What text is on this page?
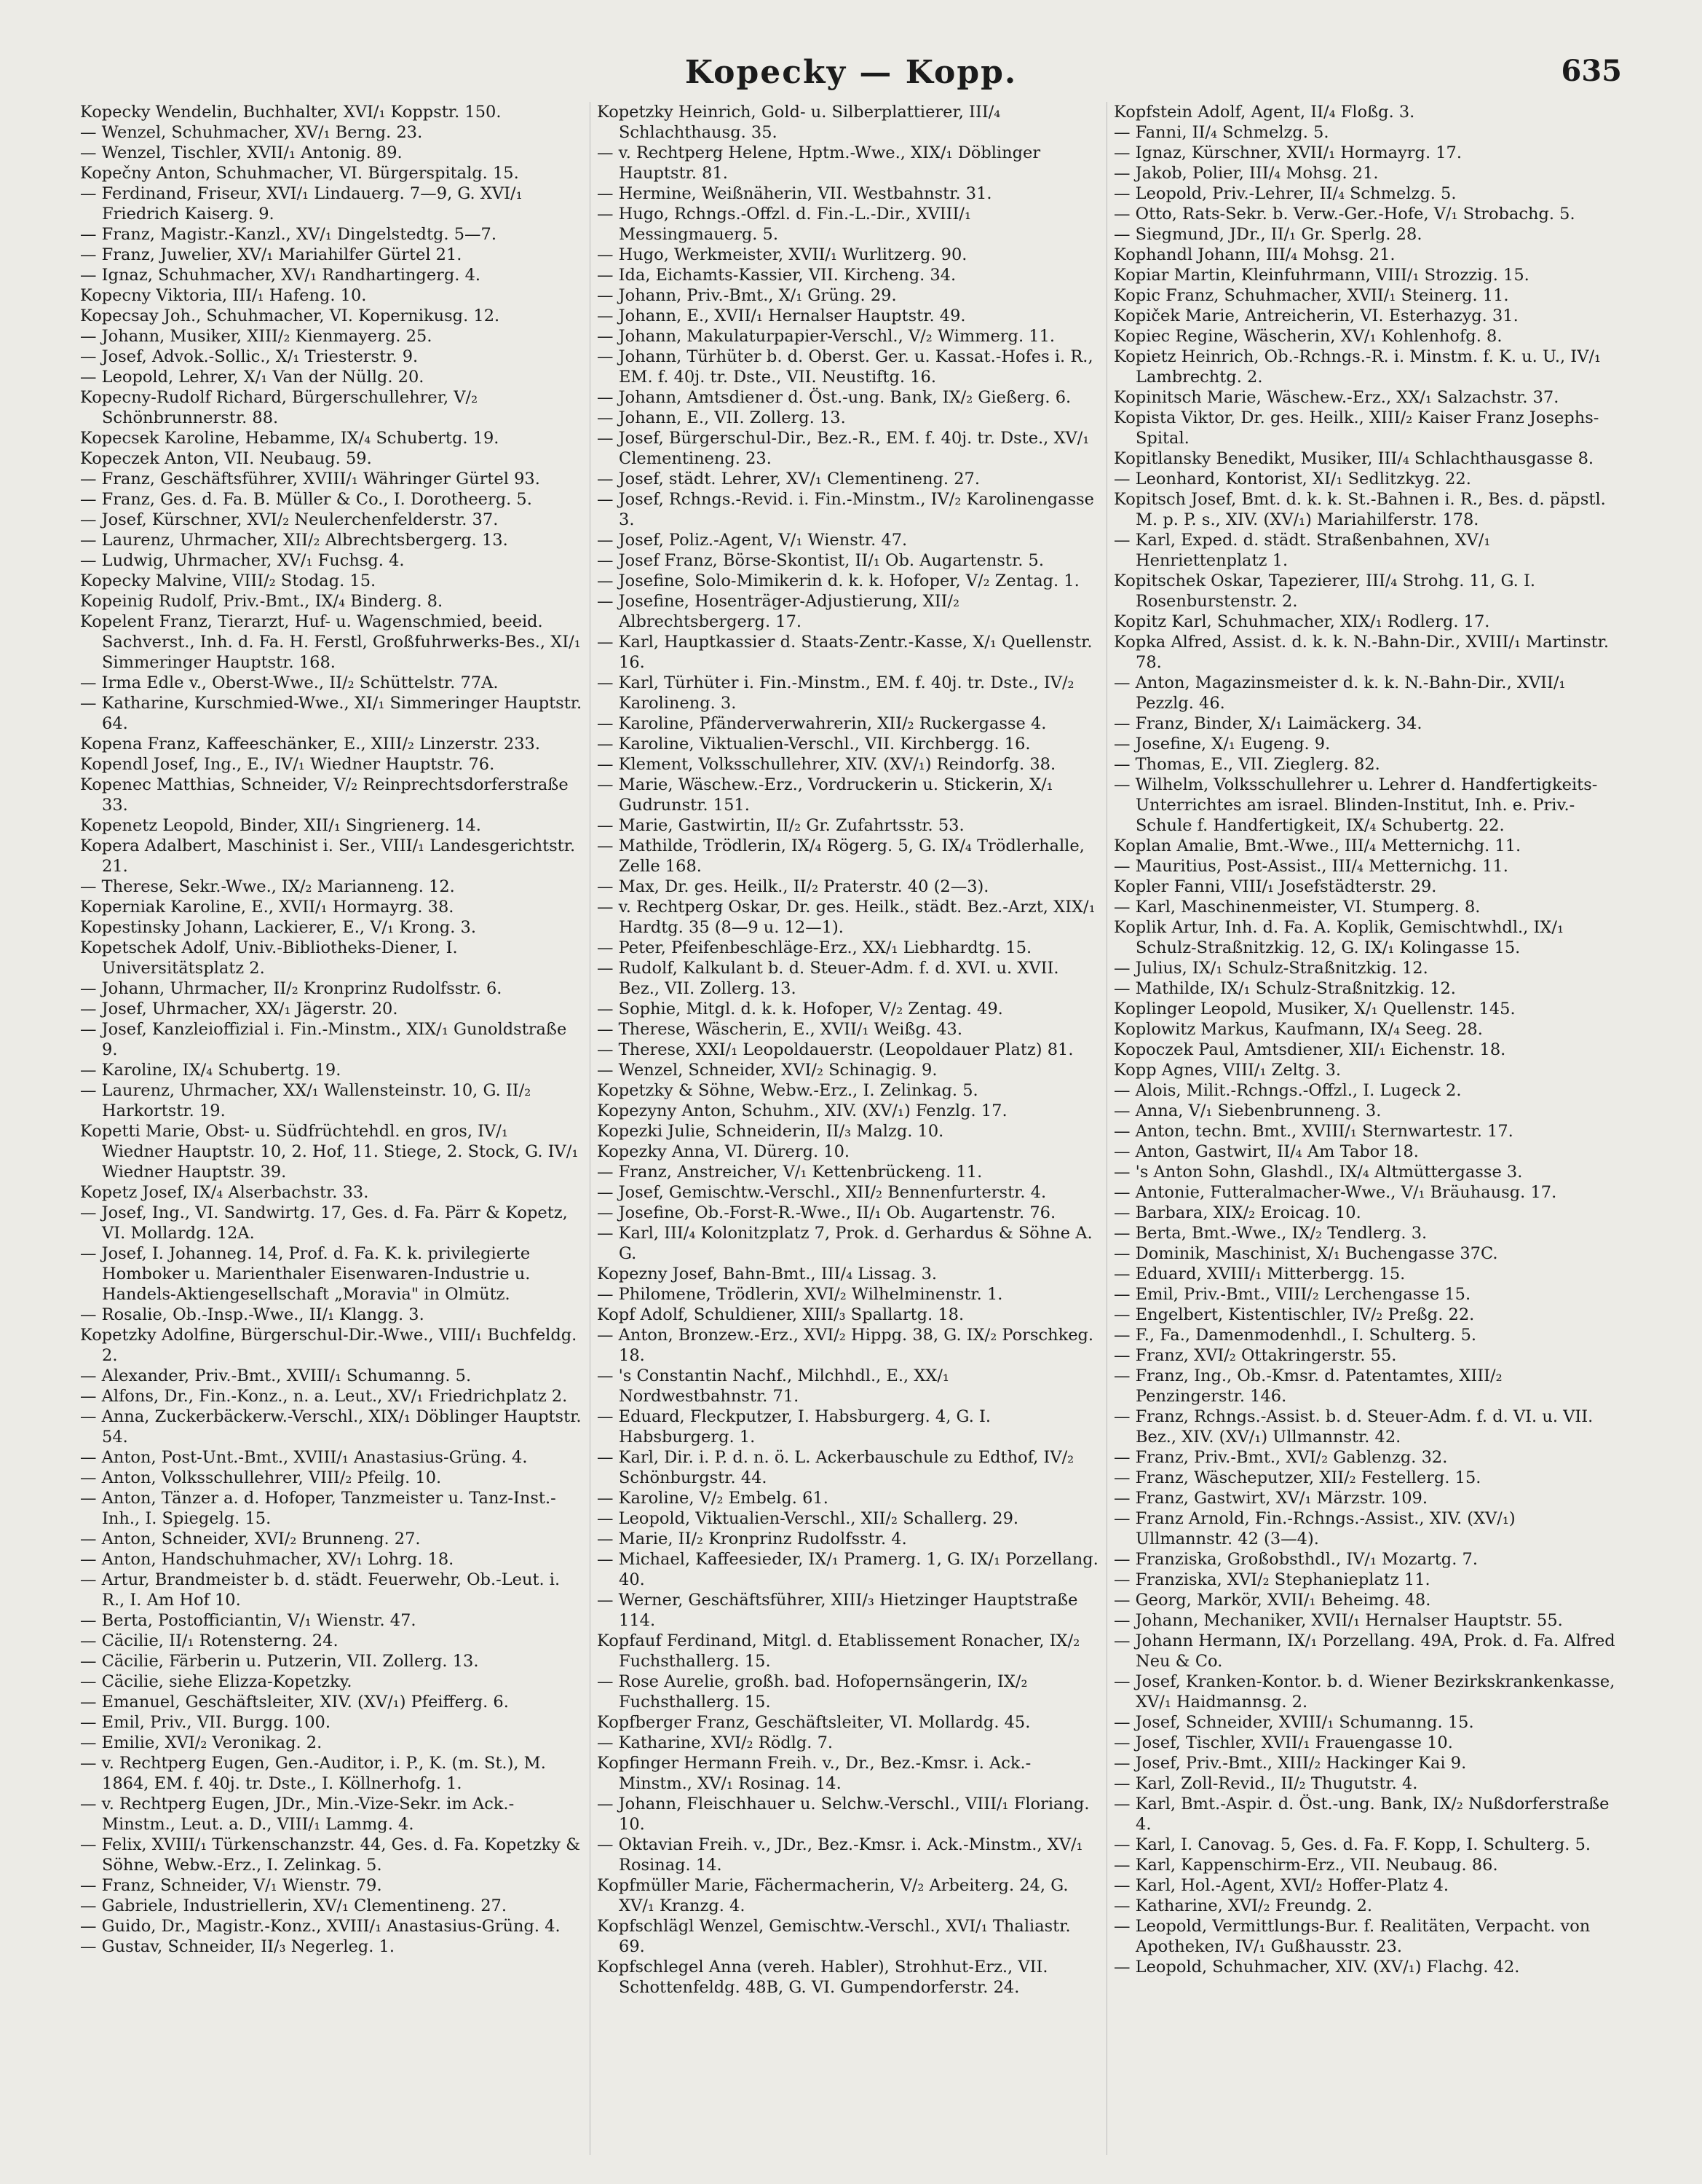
Kopecky — Kopp.	635

Kopecky Wendelin, Buchhalter, XVI/₁ Koppstr. 150.

— Wenzel, Schuhmacher, XV/₁ Berng. 23.

— Wenzel, Tischler, XVII/₁ Antonig. 89.

Kopečny Anton, Schuhmacher, VI. Bürgerspitalg. 15.

— Ferdinand, Friseur, XVI/₁ Lindauerg. 7—9, G. XVI/₁ Friedrich Kaiserg. 9.

— Franz, Magistr.-Kanzl., XV/₁ Dingelstedtg. 5—7.

— Franz, Juwelier, XV/₁ Mariahilfer Gürtel 21.

— Ignaz, Schuhmacher, XV/₁ Randhartingerg. 4.

Kopecny Viktoria, III/₁ Hafeng. 10.

Kopecsay Joh., Schuhmacher, VI. Kopernikusg. 12.

— Johann, Musiker, XIII/₂ Kienmayerg. 25.

— Josef, Advok.-Sollic., X/₁ Triesterstr. 9.

— Leopold, Lehrer, X/₁ Van der Nüllg. 20.

Kopecny-Rudolf Richard, Bürgerschullehrer, V/₂ Schönbrunnerstr. 88.

Kopecsek Karoline, Hebamme, IX/₄ Schubertg. 19.

Kopeczek Anton, VII. Neubaug. 59.

— Franz, Geschäftsführer, XVIII/₁ Währinger Gürtel 93.

— Franz, Ges. d. Fa. B. Müller & Co., I. Dorotheerg. 5.

— Josef, Kürschner, XVI/₂ Neulerchenfelderstr. 37.

— Laurenz, Uhrmacher, XII/₂ Albrechtsbergerg. 13.

— Ludwig, Uhrmacher, XV/₁ Fuchsg. 4.

Kopecky Malvine, VIII/₂ Stodag. 15.

Kopeinig Rudolf, Priv.-Bmt., IX/₄ Binderg. 8.

Kopelent Franz, Tierarzt, Huf- u. Wagenschmied, beeid. Sachverst., Inh. d. Fa. H. Ferstl, Großfuhrwerks-Bes., XI/₁ Simmeringer Hauptstr. 168.

— Irma Edle v., Oberst-Wwe., II/₂ Schüttelstr. 77A.

— Katharine, Kurschmied-Wwe., XI/₁ Simmeringer Hauptstr. 64.

Kopena Franz, Kaffeeschänker, E., XIII/₂ Linzerstr. 233.

Kopendl Josef, Ing., E., IV/₁ Wiedner Hauptstr. 76.

Kopenec Matthias, Schneider, V/₂ Reinprechtsdorferstraße 33.

Kopenetz Leopold, Binder, XII/₁ Singrienerg. 14.

Kopera Adalbert, Maschinist i. Ser., VIII/₁ Landesgerichtstr. 21.

— Therese, Sekr.-Wwe., IX/₂ Marianneng. 12.

Koperniak Karoline, E., XVII/₁ Hormayrg. 38.

Kopestinsky Johann, Lackierer, E., V/₁ Krong. 3.

Kopetschek Adolf, Univ.-Bibliotheks-Diener, I. Universitätsplatz 2.

— Johann, Uhrmacher, II/₂ Kronprinz Rudolfsstr. 6.

— Josef, Uhrmacher, XX/₁ Jägerstr. 20.

— Josef, Kanzleioffizial i. Fin.-Minstm., XIX/₁ Gunoldstraße 9.

— Karoline, IX/₄ Schubertg. 19.

— Laurenz, Uhrmacher, XX/₁ Wallensteinstr. 10, G. II/₂ Harkortstr. 19.

Kopetti Marie, Obst- u. Südfrüchtehdl. en gros, IV/₁ Wiedner Hauptstr. 10, 2. Hof, 11. Stiege, 2. Stock, G. IV/₁ Wiedner Hauptstr. 39.

Kopetz Josef, IX/₄ Alserbachstr. 33.

— Josef, Ing., VI. Sandwirtg. 17, Ges. d. Fa. Pärr & Kopetz, VI. Mollardg. 12A.

— Josef, I. Johanneg. 14, Prof. d. Fa. K. k. privilegierte Homboker u. Marienthaler Eisenwaren-Industrie u. Handels-Aktiengesellschaft „Moravia" in Olmütz.

— Rosalie, Ob.-Insp.-Wwe., II/₁ Klangg. 3.

Kopetzky Adolfine, Bürgerschul-Dir.-Wwe., VIII/₁ Buchfeldg. 2.

— Alexander, Priv.-Bmt., XVIII/₁ Schumanng. 5.

— Alfons, Dr., Fin.-Konz., n. a. Leut., XV/₁ Friedrichplatz 2.

— Anna, Zuckerbäckerw.-Verschl., XIX/₁ Döblinger Hauptstr. 54.

— Anton, Post-Unt.-Bmt., XVIII/₁ Anastasius-Grüng. 4.

— Anton, Volksschullehrer, VIII/₂ Pfeilg. 10.

— Anton, Tänzer a. d. Hofoper, Tanzmeister u. Tanz-Inst.-Inh., I. Spiegelg. 15.

— Anton, Schneider, XVI/₂ Brunneng. 27.

— Anton, Handschuhmacher, XV/₁ Lohrg. 18.

— Artur, Brandmeister b. d. städt. Feuerwehr, Ob.-Leut. i. R., I. Am Hof 10.

— Berta, Postofficiantin, V/₁ Wienstr. 47.

— Cäcilie, II/₁ Rotensterng. 24.

— Cäcilie, Färberin u. Putzerin, VII. Zollerg. 13.

— Cäcilie, siehe Elizza-Kopetzky.

— Emanuel, Geschäftsleiter, XIV. (XV/₁) Pfeifferg. 6.

— Emil, Priv., VII. Burgg. 100.

— Emilie, XVI/₂ Veronikag. 2.

— v. Rechtperg Eugen, Gen.-Auditor, i. P., K. (m. St.), M. 1864, EM. f. 40j. tr. Dste., I. Köllnerhofg. 1.

— v. Rechtperg Eugen, JDr., Min.-Vize-Sekr. im Ack.-Minstm., Leut. a. D., VIII/₁ Lammg. 4.

— Felix, XVIII/₁ Türkenschanzstr. 44, Ges. d. Fa. Kopetzky & Söhne, Webw.-Erz., I. Zelinkag. 5.

— Franz, Schneider, V/₁ Wienstr. 79.

— Gabriele, Industriellerin, XV/₁ Clementineng. 27.

— Guido, Dr., Magistr.-Konz., XVIII/₁ Anastasius-Grüng. 4.

— Gustav, Schneider, II/₃ Negerleg. 1.

Kopetzky Heinrich, Gold- u. Silberplattierer, III/₄ Schlachthausg. 35.

— v. Rechtperg Helene, Hptm.-Wwe., XIX/₁ Döblinger Hauptstr. 81.

— Hermine, Weißnäherin, VII. Westbahnstr. 31.

— Hugo, Rchngs.-Offzl. d. Fin.-L.-Dir., XVIII/₁ Messingmauerg. 5.

— Hugo, Werkmeister, XVII/₁ Wurlitzerg. 90.

— Ida, Eichamts-Kassier, VII. Kircheng. 34.

— Johann, Priv.-Bmt., X/₁ Grüng. 29.

— Johann, E., XVII/₁ Hernalser Hauptstr. 49.

— Johann, Makulaturpapier-Verschl., V/₂ Wimmerg. 11.

— Johann, Türhüter b. d. Oberst. Ger. u. Kassat.-Hofes i. R., EM. f. 40j. tr. Dste., VII. Neustiftg. 16.

— Johann, Amtsdiener d. Öst.-ung. Bank, IX/₂ Gießerg. 6.

— Johann, E., VII. Zollerg. 13.

— Josef, Bürgerschul-Dir., Bez.-R., EM. f. 40j. tr. Dste., XV/₁ Clementineng. 23.

— Josef, städt. Lehrer, XV/₁ Clementineng. 27.

— Josef, Rchngs.-Revid. i. Fin.-Minstm., IV/₂ Karolinengasse 3.

— Josef, Poliz.-Agent, V/₁ Wienstr. 47.

— Josef Franz, Börse-Skontist, II/₁ Ob. Augartenstr. 5.

— Josefine, Solo-Mimikerin d. k. k. Hofoper, V/₂ Zentag. 1.

— Josefine, Hosenträger-Adjustierung, XII/₂ Albrechtsbergerg. 17.

— Karl, Hauptkassier d. Staats-Zentr.-Kasse, X/₁ Quellenstr. 16.

— Karl, Türhüter i. Fin.-Minstm., EM. f. 40j. tr. Dste., IV/₂ Karolineng. 3.

— Karoline, Pfänderverwahrerin, XII/₂ Ruckergasse 4.

— Karoline, Viktualien-Verschl., VII. Kirchbergg. 16.

— Klement, Volksschullehrer, XIV. (XV/₁) Reindorfg. 38.

— Marie, Wäschew.-Erz., Vordruckerin u. Stickerin, X/₁ Gudrunstr. 151.

— Marie, Gastwirtin, II/₂ Gr. Zufahrtsstr. 53.

— Mathilde, Trödlerin, IX/₄ Rögerg. 5, G. IX/₄ Trödlerhalle, Zelle 168.

— Max, Dr. ges. Heilk., II/₂ Praterstr. 40 (2—3).

— v. Rechtperg Oskar, Dr. ges. Heilk., städt. Bez.-Arzt, XIX/₁ Hardtg. 35 (8—9 u. 12—1).

— Peter, Pfeifenbeschläge-Erz., XX/₁ Liebhardtg. 15.

— Rudolf, Kalkulant b. d. Steuer-Adm. f. d. XVI. u. XVII. Bez., VII. Zollerg. 13.

— Sophie, Mitgl. d. k. k. Hofoper, V/₂ Zentag. 49.

— Therese, Wäscherin, E., XVII/₁ Weißg. 43.

— Therese, XXI/₁ Leopoldauerstr. (Leopoldauer Platz) 81.

— Wenzel, Schneider, XVI/₂ Schinagig. 9.

Kopetzky & Söhne, Webw.-Erz., I. Zelinkag. 5.

Kopezyny Anton, Schuhm., XIV. (XV/₁) Fenzlg. 17.

Kopezki Julie, Schneiderin, II/₃ Malzg. 10.

Kopezky Anna, VI. Dürerg. 10.

— Franz, Anstreicher, V/₁ Kettenbrückeng. 11.

— Josef, Gemischtw.-Verschl., XII/₂ Bennenfurterstr. 4.

— Josefine, Ob.-Forst-R.-Wwe., II/₁ Ob. Augartenstr. 76.

— Karl, III/₄ Kolonitzplatz 7, Prok. d. Gerhardus & Söhne A. G.

Kopezny Josef, Bahn-Bmt., III/₄ Lissag. 3.

— Philomene, Trödlerin, XVI/₂ Wilhelminenstr. 1.

Kopf Adolf, Schuldiener, XIII/₃ Spallartg. 18.

— Anton, Bronzew.-Erz., XVI/₂ Hippg. 38, G. IX/₂ Porschkeg. 18.

— 's Constantin Nachf., Milchhdl., E., XX/₁ Nordwestbahnstr. 71.

— Eduard, Fleckputzer, I. Habsburgerg. 4, G. I. Habsburgerg. 1.

— Karl, Dir. i. P. d. n. ö. L. Ackerbauschule zu Edthof, IV/₂ Schönburgstr. 44.

— Karoline, V/₂ Embelg. 61.

— Leopold, Viktualien-Verschl., XII/₂ Schallerg. 29.

— Marie, II/₂ Kronprinz Rudolfsstr. 4.

— Michael, Kaffeesieder, IX/₁ Pramerg. 1, G. IX/₁ Porzellang. 40.

— Werner, Geschäftsführer, XIII/₃ Hietzinger Hauptstraße 114.

Kopfauf Ferdinand, Mitgl. d. Etablissement Ronacher, IX/₂ Fuchsthallerg. 15.

— Rose Aurelie, großh. bad. Hofopernsängerin, IX/₂ Fuchsthallerg. 15.

Kopfberger Franz, Geschäftsleiter, VI. Mollardg. 45.

— Katharine, XVI/₂ Rödlg. 7.

Kopfinger Hermann Freih. v., Dr., Bez.-Kmsr. i. Ack.-Minstm., XV/₁ Rosinag. 14.

— Johann, Fleischhauer u. Selchw.-Verschl., VIII/₁ Floriang. 10.

— Oktavian Freih. v., JDr., Bez.-Kmsr. i. Ack.-Minstm., XV/₁ Rosinag. 14.

Kopfmüller Marie, Fächermacherin, V/₂ Arbeiterg. 24, G. XV/₁ Kranzg. 4.

Kopfschlägl Wenzel, Gemischtw.-Verschl., XVI/₁ Thaliastr. 69.

Kopfschlegel Anna (vereh. Habler), Strohhut-Erz., VII. Schottenfeldg. 48B, G. VI. Gumpendorferstr. 24.

Kopfstein Adolf, Agent, II/₄ Floßg. 3.

— Fanni, II/₄ Schmelzg. 5.

— Ignaz, Kürschner, XVII/₁ Hormayrg. 17.

— Jakob, Polier, III/₄ Mohsg. 21.

— Leopold, Priv.-Lehrer, II/₄ Schmelzg. 5.

— Otto, Rats-Sekr. b. Verw.-Ger.-Hofe, V/₁ Strobachg. 5.

— Siegmund, JDr., II/₁ Gr. Sperlg. 28.

Kophandl Johann, III/₄ Mohsg. 21.

Kopiar Martin, Kleinfuhrmann, VIII/₁ Strozzig. 15.

Kopic Franz, Schuhmacher, XVII/₁ Steinerg. 11.

Kopiček Marie, Antreicherin, VI. Esterhazyg. 31.

Kopiec Regine, Wäscherin, XV/₁ Kohlenhofg. 8.

Kopietz Heinrich, Ob.-Rchngs.-R. i. Minstm. f. K. u. U., IV/₁ Lambrechtg. 2.

Kopinitsch Marie, Wäschew.-Erz., XX/₁ Salzachstr. 37.

Kopista Viktor, Dr. ges. Heilk., XIII/₂ Kaiser Franz Josephs-Spital.

Kopitlansky Benedikt, Musiker, III/₄ Schlachthausgasse 8.

— Leonhard, Kontorist, XI/₁ Sedlitzkyg. 22.

Kopitsch Josef, Bmt. d. k. k. St.-Bahnen i. R., Bes. d. päpstl. M. p. P. s., XIV. (XV/₁) Mariahilferstr. 178.

— Karl, Exped. d. städt. Straßenbahnen, XV/₁ Henriettenplatz 1.

Kopitschek Oskar, Tapezierer, III/₄ Strohg. 11, G. I. Rosenburstenstr. 2.

Kopitz Karl, Schuhmacher, XIX/₁ Rodlerg. 17.

Kopka Alfred, Assist. d. k. k. N.-Bahn-Dir., XVIII/₁ Martinstr. 78.

— Anton, Magazinsmeister d. k. k. N.-Bahn-Dir., XVII/₁ Pezzlg. 46.

— Franz, Binder, X/₁ Laimäckerg. 34.

— Josefine, X/₁ Eugeng. 9.

— Thomas, E., VII. Zieglerg. 82.

— Wilhelm, Volksschullehrer u. Lehrer d. Handfertigkeits-Unterrichtes am israel. Blinden-Institut, Inh. e. Priv.-Schule f. Handfertigkeit, IX/₄ Schubertg. 22.

Koplan Amalie, Bmt.-Wwe., III/₄ Metternichg. 11.

— Mauritius, Post-Assist., III/₄ Metternichg. 11.

Kopler Fanni, VIII/₁ Josefstädterstr. 29.

— Karl, Maschinenmeister, VI. Stumperg. 8.

Koplik Artur, Inh. d. Fa. A. Koplik, Gemischtwhdl., IX/₁ Schulz-Straßnitzkig. 12, G. IX/₁ Kolingasse 15.

— Julius, IX/₁ Schulz-Straßnitzkig. 12.

— Mathilde, IX/₁ Schulz-Straßnitzkig. 12.

Koplinger Leopold, Musiker, X/₁ Quellenstr. 145.

Koplowitz Markus, Kaufmann, IX/₄ Seeg. 28.

Kopoczek Paul, Amtsdiener, XII/₁ Eichenstr. 18.

Kopp Agnes, VIII/₁ Zeltg. 3.

— Alois, Milit.-Rchngs.-Offzl., I. Lugeck 2.

— Anna, V/₁ Siebenbrunneng. 3.

— Anton, techn. Bmt., XVIII/₁ Sternwartestr. 17.

— Anton, Gastwirt, II/₄ Am Tabor 18.

— 's Anton Sohn, Glashdl., IX/₄ Altmüttergasse 3.

— Antonie, Futteralmacher-Wwe., V/₁ Bräuhausg. 17.

— Barbara, XIX/₂ Eroicag. 10.

— Berta, Bmt.-Wwe., IX/₂ Tendlerg. 3.

— Dominik, Maschinist, X/₁ Buchengasse 37C.

— Eduard, XVIII/₁ Mitterbergg. 15.

— Emil, Priv.-Bmt., VIII/₂ Lerchengasse 15.

— Engelbert, Kistentischler, IV/₂ Preßg. 22.

— F., Fa., Damenmodenhdl., I. Schulterg. 5.

— Franz, XVI/₂ Ottakringerstr. 55.

— Franz, Ing., Ob.-Kmsr. d. Patentamtes, XIII/₂ Penzingerstr. 146.

— Franz, Rchngs.-Assist. b. d. Steuer-Adm. f. d. VI. u. VII. Bez., XIV. (XV/₁) Ullmannstr. 42.

— Franz, Priv.-Bmt., XVI/₂ Gablenzg. 32.

— Franz, Wäscheputzer, XII/₂ Festellerg. 15.

— Franz, Gastwirt, XV/₁ Märzstr. 109.

— Franz Arnold, Fin.-Rchngs.-Assist., XIV. (XV/₁) Ullmannstr. 42 (3—4).

— Franziska, Großobsthdl., IV/₁ Mozartg. 7.

— Franziska, XVI/₂ Stephanieplatz 11.

— Georg, Markör, XVII/₁ Beheimg. 48.

— Johann, Mechaniker, XVII/₁ Hernalser Hauptstr. 55.

— Johann Hermann, IX/₁ Porzellang. 49A, Prok. d. Fa. Alfred Neu & Co.

— Josef, Kranken-Kontor. b. d. Wiener Bezirkskrankenkasse, XV/₁ Haidmannsg. 2.

— Josef, Schneider, XVIII/₁ Schumanng. 15.

— Josef, Tischler, XVII/₁ Frauengasse 10.

— Josef, Priv.-Bmt., XIII/₂ Hackinger Kai 9.

— Karl, Zoll-Revid., II/₂ Thugutstr. 4.

— Karl, Bmt.-Aspir. d. Öst.-ung. Bank, IX/₂ Nußdorferstraße 4.

— Karl, I. Canovag. 5, Ges. d. Fa. F. Kopp, I. Schulterg. 5.

— Karl, Kappenschirm-Erz., VII. Neubaug. 86.

— Karl, Hol.-Agent, XVI/₂ Hoffer-Platz 4.

— Katharine, XVI/₂ Freundg. 2.

— Leopold, Vermittlungs-Bur. f. Realitäten, Verpacht. von Apotheken, IV/₁ Gußhausstr. 23.

— Leopold, Schuhmacher, XIV. (XV/₁) Flachg. 42.
